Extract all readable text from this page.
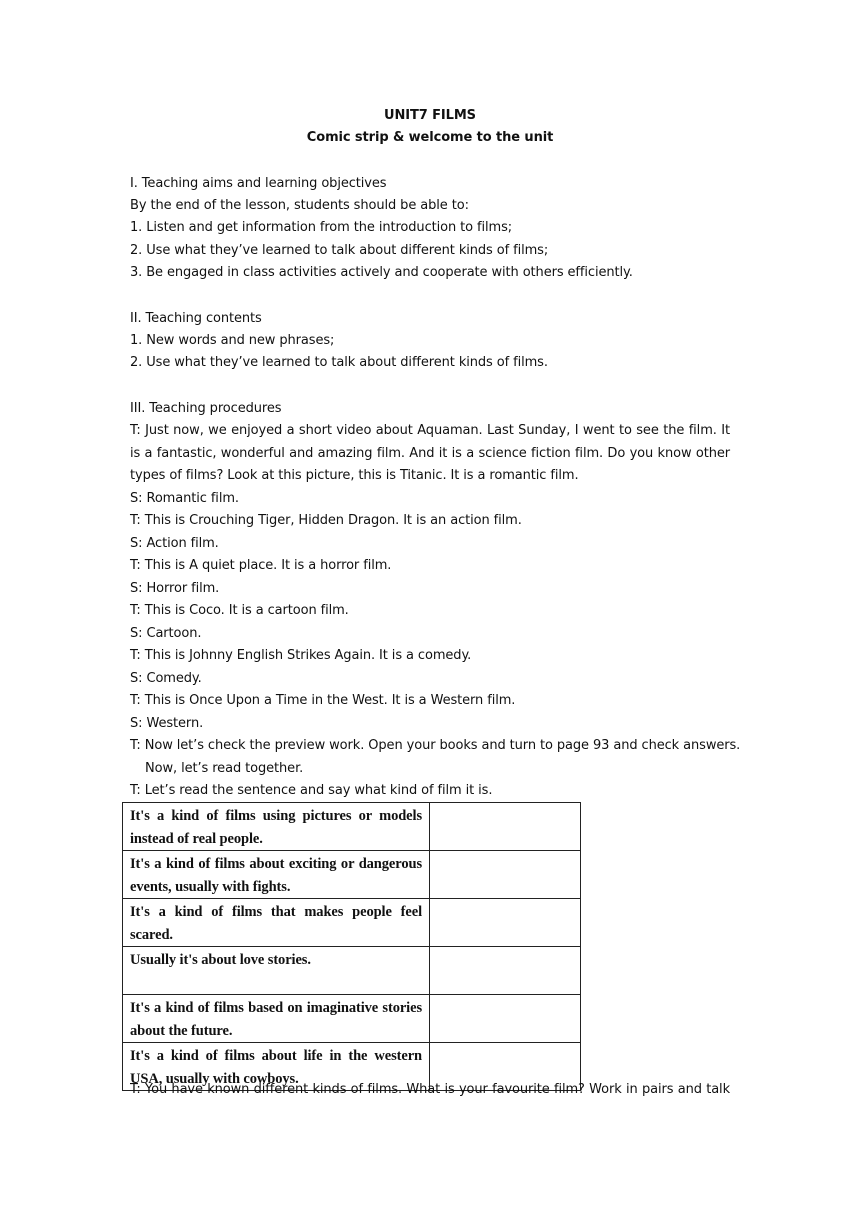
UNIT7 FILMS
Comic strip & welcome to the unit
I. Teaching aims and learning objectives
By the end of the lesson, students should be able to:
1. Listen and get information from the introduction to films;
2. Use what they’ve learned to talk about different kinds of films;
3. Be engaged in class activities actively and cooperate with others efficiently.
II. Teaching contents
1. New words and new phrases;
2. Use what they’ve learned to talk about different kinds of films.
III. Teaching procedures
T: Just now, we enjoyed a short video about Aquaman. Last Sunday, I went to see the film. It is a fantastic, wonderful and amazing film. And it is a science fiction film. Do you know other types of films? Look at this picture, this is Titanic. It is a romantic film.
S: Romantic film.
T: This is Crouching Tiger, Hidden Dragon. It is an action film.
S: Action film.
T: This is A quiet place. It is a horror film.
S: Horror film.
T: This is Coco. It is a cartoon film.
S: Cartoon.
T: This is Johnny English Strikes Again. It is a comedy.
S: Comedy.
T: This is Once Upon a Time in the West. It is a Western film.
S: Western.
T: Now let’s check the preview work. Open your books and turn to page 93 and check answers.
Now, let’s read together.
T: Let’s read the sentence and say what kind of film it is.
It's a kind of films using pictures or models instead of real people.	
It's a kind of films about exciting or dangerous events, usually with fights.	
It's a kind of films that makes people feel scared.	
Usually it's about love stories.	
It's a kind of films based on imaginative stories about the future.	
It's a kind of films about life in the western USA, usually with cowboys.	
T: You have known different kinds of films. What is your favourite film? Work in pairs and talk
